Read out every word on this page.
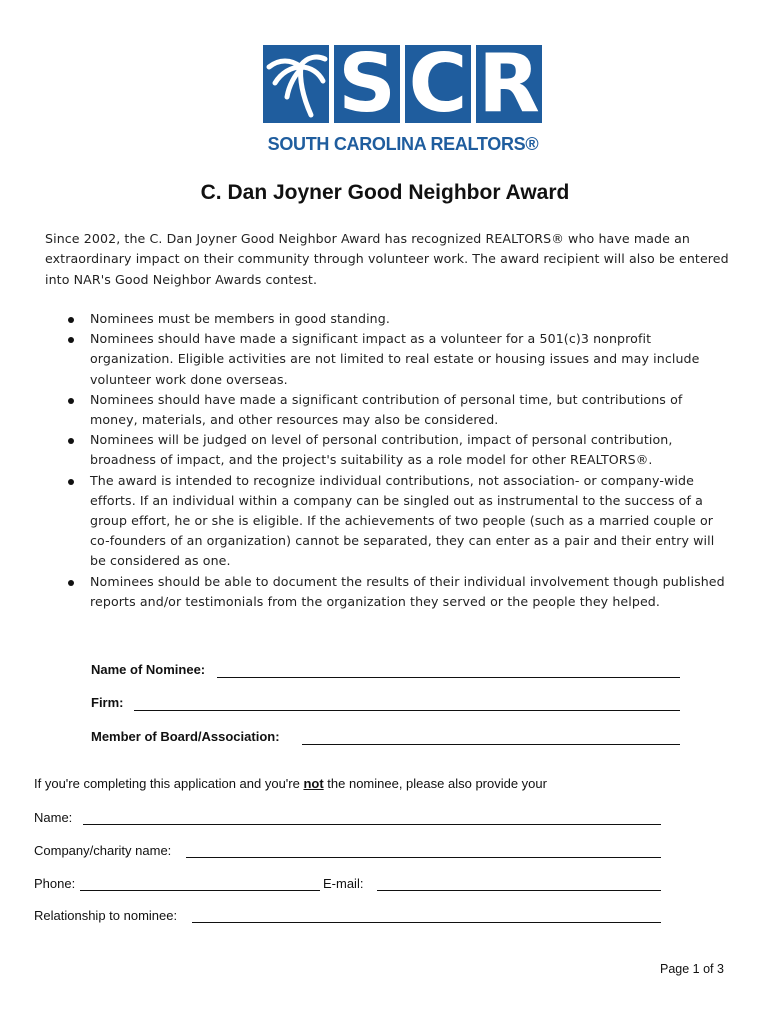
S C R
SOUTH CAROLINA REALTORS®
C. Dan Joyner Good Neighbor Award
Since 2002, the C. Dan Joyner Good Neighbor Award has recognized REALTORS® who have made an extraordinary impact on their community through volunteer work. The award recipient will also be entered into NAR's Good Neighbor Awards contest.
Nominees must be members in good standing.
Nominees should have made a significant impact as a volunteer for a 501(c)3 nonprofit organization. Eligible activities are not limited to real estate or housing issues and may include volunteer work done overseas.
Nominees should have made a significant contribution of personal time, but contributions of money, materials, and other resources may also be considered.
Nominees will be judged on level of personal contribution, impact of personal contribution, broadness of impact, and the project's suitability as a role model for other REALTORS®.
The award is intended to recognize individual contributions, not association- or company-wide efforts. If an individual within a company can be singled out as instrumental to the success of a group effort, he or she is eligible. If the achievements of two people (such as a married couple or co-founders of an organization) cannot be separated, they can enter as a pair and their entry will be considered as one.
Nominees should be able to document the results of their individual involvement though published reports and/or testimonials from the organization they served or the people they helped.
Name of Nominee:
Firm:
Member of Board/Association:
If you're completing this application and you're not the nominee, please also provide your
Name:
Company/charity name:
Phone:	E-mail:
Relationship to nominee:
Page 1 of 3
